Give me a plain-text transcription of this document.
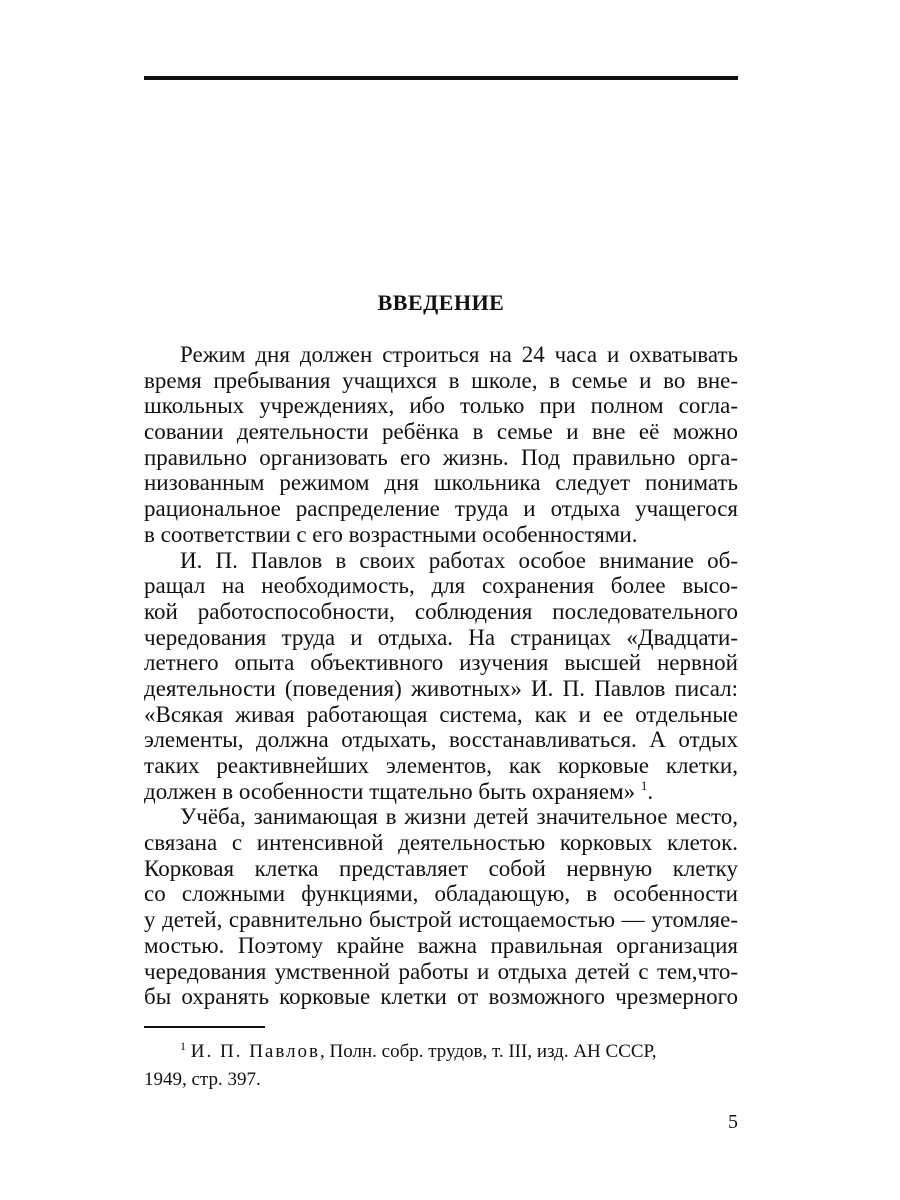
ВВЕДЕНИЕ
Режим дня должен строиться на 24 часа и охватывать
время пребывания учащихся в школе, в семье и во вне-
школьных учреждениях, ибо только при полном согла-
совании деятельности ребёнка в семье и вне её можно
правильно организовать его жизнь. Под правильно орга-
низованным режимом дня школьника следует понимать
рациональное распределение труда и отдыха учащегося
в соответствии с его возрастными особенностями.
И. П. Павлов в своих работах особое внимание об-
ращал на необходимость, для сохранения более высо-
кой работоспособности, соблюдения последовательного
чередования труда и отдыха. На страницах «Двадцати-
летнего опыта объективного изучения высшей нервной
деятельности (поведения) животных» И. П. Павлов писал:
«Всякая живая работающая система, как и ее отдельные
элементы, должна отдыхать, восстанавливаться. А отдых
таких реактивнейших элементов, как корковые клетки,
должен в особенности тщательно быть охраняем» $^1$.
Учёба, занимающая в жизни детей значительное место,
связана с интенсивной деятельностью корковых клеток.
Корковая клетка представляет собой нервную клетку
со сложными функциями, обладающую, в особенности
у детей, сравнительно быстрой истощаемостью — утомляе-
мостью. Поэтому крайне важна правильная организация
чередования умственной работы и отдыха детей с тем,что-
бы охранять корковые клетки от возможного чрезмерного
$^1$ И. П. Павлов, Полн. собр. трудов, т. III, изд. АН СССР,
1949, стр. 397.
5
